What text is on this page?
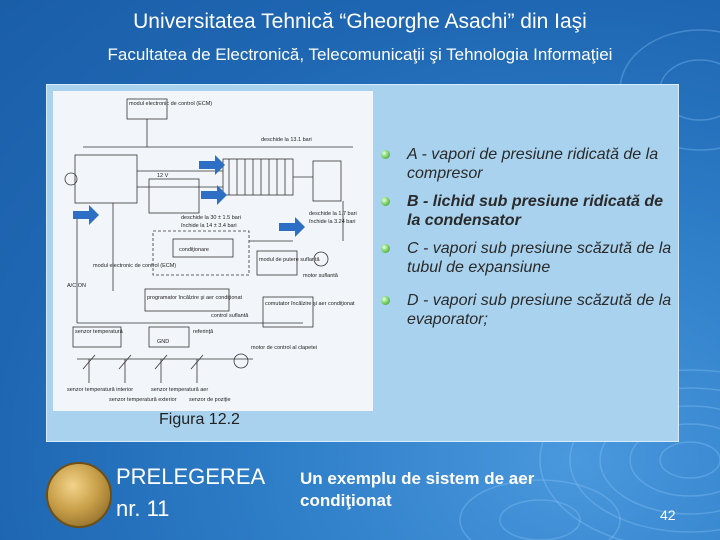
Universitatea Tehnică “Gheorghe Asachi” din Iaşi
Facultatea de Electronică, Telecomunicaţii şi Tehnologia Informaţiei
modul electronic de control (ECM)
deschide la 13.1 bari
12 V
deschide la 30 ± 1.5 bari
închide la 14 ± 3.4 bari
deschide la 1.7 bari
închide la 3.24 bari
condiţionare
modul electronic de control (ECM)
modul de putere suflantă
motor suflantă
programator încălzire şi aer condiţionat
comutator încălzire şi aer condiţionat
control suflantă
motor de control al clapetei
referinţă
senzor temperatură
GND
A/C ON
senzor temperatură interior
senzor temperatură exterior
senzor temperatură aer
senzor de poziţie
A - vapori de presiune ridicată de la compresor
B - lichid sub presiune ridicată de la condensator
C - vapori sub presiune scăzută de la tubul de expansiune
D - vapori sub presiune scăzută de la evaporator;
Figura 12.2
PRELEGEREA
nr. 11
Un exemplu de sistem de aer condiţionat
42
